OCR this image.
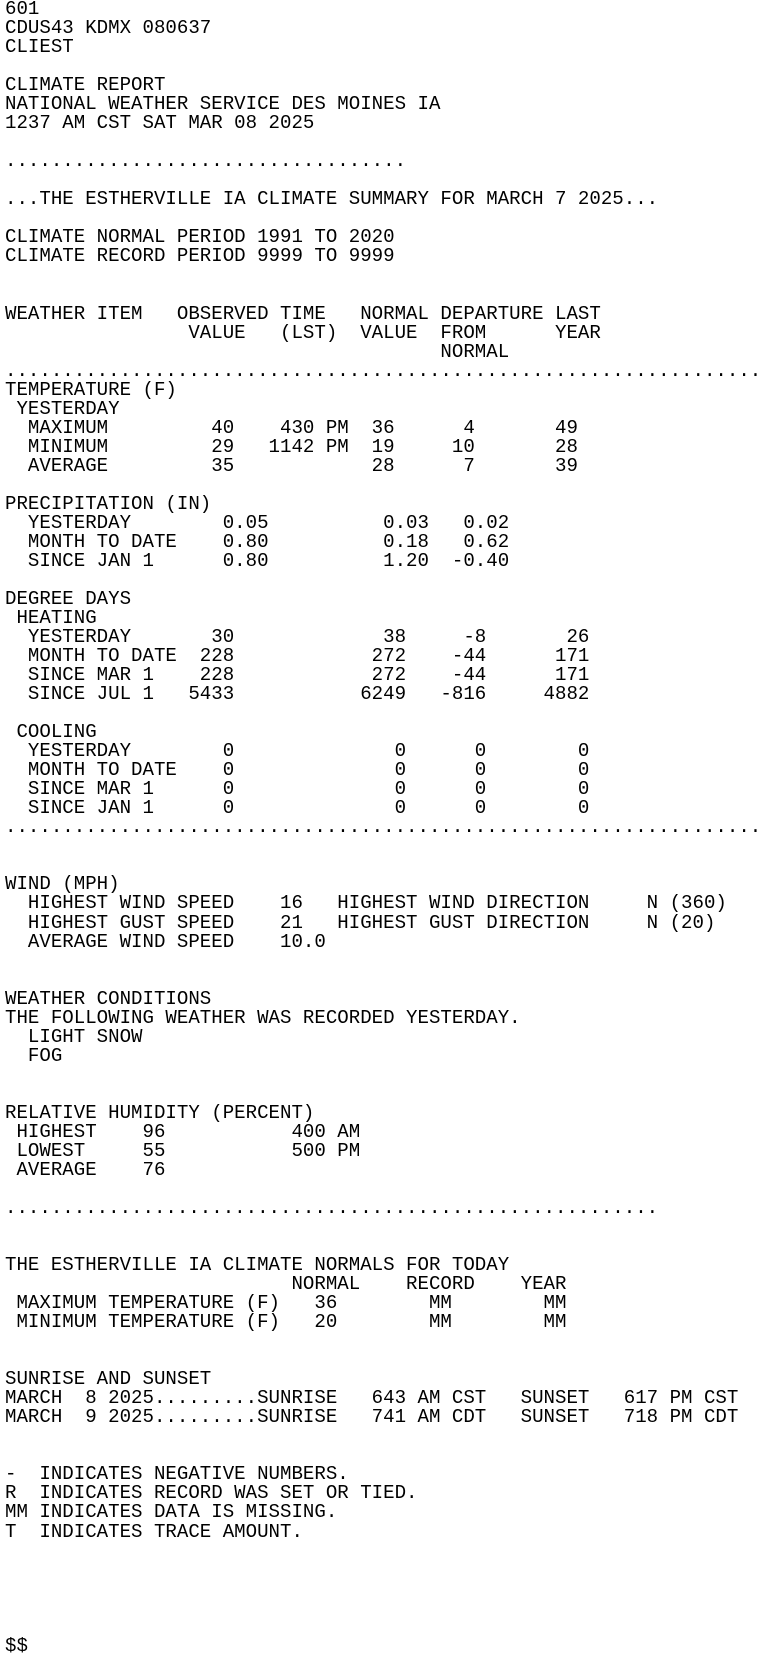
601
CDUS43 KDMX 080637
CLIEST
CLIMATE REPORT
NATIONAL WEATHER SERVICE DES MOINES IA
1237 AM CST SAT MAR 08 2025
...................................
...THE ESTHERVILLE IA CLIMATE SUMMARY FOR MARCH 7 2025...
CLIMATE NORMAL PERIOD 1991 TO 2020
CLIMATE RECORD PERIOD 9999 TO 9999
WEATHER ITEM   OBSERVED TIME   NORMAL DEPARTURE LAST
VALUE   (LST)  VALUE  FROM      YEAR
NORMAL
..................................................................
TEMPERATURE (F)
YESTERDAY
MAXIMUM         40    430 PM  36      4       49
MINIMUM         29   1142 PM  19     10       28
AVERAGE         35            28      7       39
PRECIPITATION (IN)
YESTERDAY        0.05          0.03   0.02
MONTH TO DATE    0.80          0.18   0.62
SINCE JAN 1      0.80          1.20  -0.40
DEGREE DAYS
HEATING
YESTERDAY       30             38     -8       26
MONTH TO DATE  228            272    -44      171
SINCE MAR 1    228            272    -44      171
SINCE JUL 1   5433           6249   -816     4882
COOLING
YESTERDAY        0              0      0        0
MONTH TO DATE    0              0      0        0
SINCE MAR 1      0              0      0        0
SINCE JAN 1      0              0      0        0
..................................................................
WIND (MPH)
HIGHEST WIND SPEED    16   HIGHEST WIND DIRECTION     N (360)
HIGHEST GUST SPEED    21   HIGHEST GUST DIRECTION     N (20)
AVERAGE WIND SPEED    10.0
WEATHER CONDITIONS
THE FOLLOWING WEATHER WAS RECORDED YESTERDAY.
LIGHT SNOW
FOG
RELATIVE HUMIDITY (PERCENT)
HIGHEST    96           400 AM
LOWEST     55           500 PM
AVERAGE    76
.........................................................
THE ESTHERVILLE IA CLIMATE NORMALS FOR TODAY
NORMAL    RECORD    YEAR
MAXIMUM TEMPERATURE (F)   36        MM        MM
MINIMUM TEMPERATURE (F)   20        MM        MM
SUNRISE AND SUNSET
MARCH  8 2025.........SUNRISE   643 AM CST   SUNSET   617 PM CST
MARCH  9 2025.........SUNRISE   741 AM CDT   SUNSET   718 PM CDT
-  INDICATES NEGATIVE NUMBERS.
R  INDICATES RECORD WAS SET OR TIED.
MM INDICATES DATA IS MISSING.
T  INDICATES TRACE AMOUNT.
$$
